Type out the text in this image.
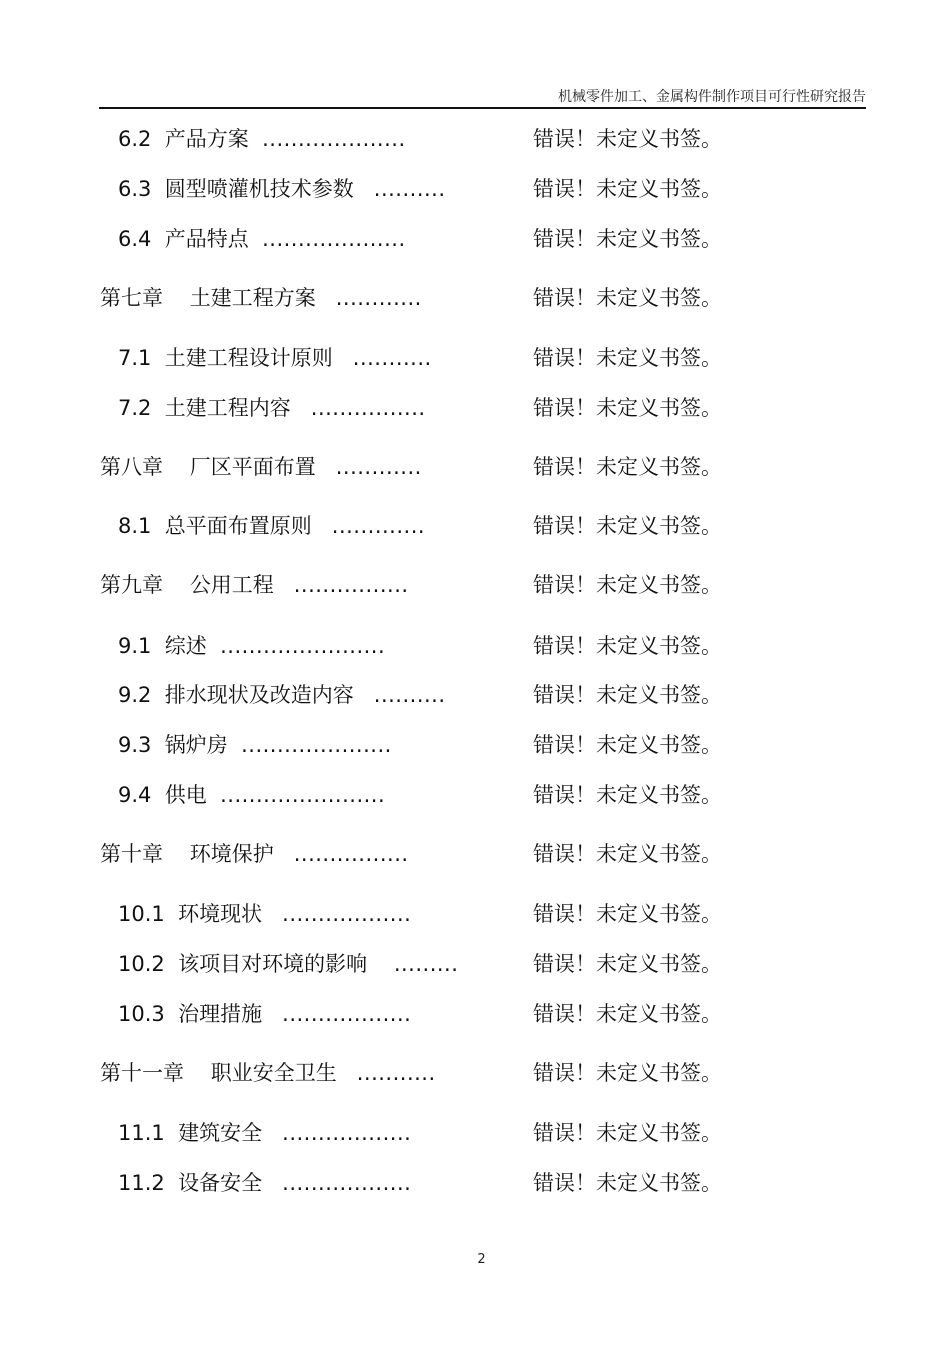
机械零件加工、金属构件制作项目可行性研究报告
6.2  产品方案  ....................	错误！未定义书签。
6.3  圆型喷灌机技术参数   ..........	错误！未定义书签。
6.4  产品特点  ....................	错误！未定义书签。
第七章    土建工程方案   ............	错误！未定义书签。
7.1  土建工程设计原则   ...........	错误！未定义书签。
7.2  土建工程内容   ................	错误！未定义书签。
第八章    厂区平面布置   ............	错误！未定义书签。
8.1  总平面布置原则   .............	错误！未定义书签。
第九章    公用工程   ................	错误！未定义书签。
9.1  综述  .......................	错误！未定义书签。
9.2  排水现状及改造内容   ..........	错误！未定义书签。
9.3  锅炉房  .....................	错误！未定义书签。
9.4  供电  .......................	错误！未定义书签。
第十章    环境保护   ................	错误！未定义书签。
10.1  环境现状   ..................	错误！未定义书签。
10.2  该项目对环境的影响    .........	错误！未定义书签。
10.3  治理措施   ..................	错误！未定义书签。
第十一章    职业安全卫生   ...........	错误！未定义书签。
11.1  建筑安全   ..................	错误！未定义书签。
11.2  设备安全   ..................	错误！未定义书签。
2
